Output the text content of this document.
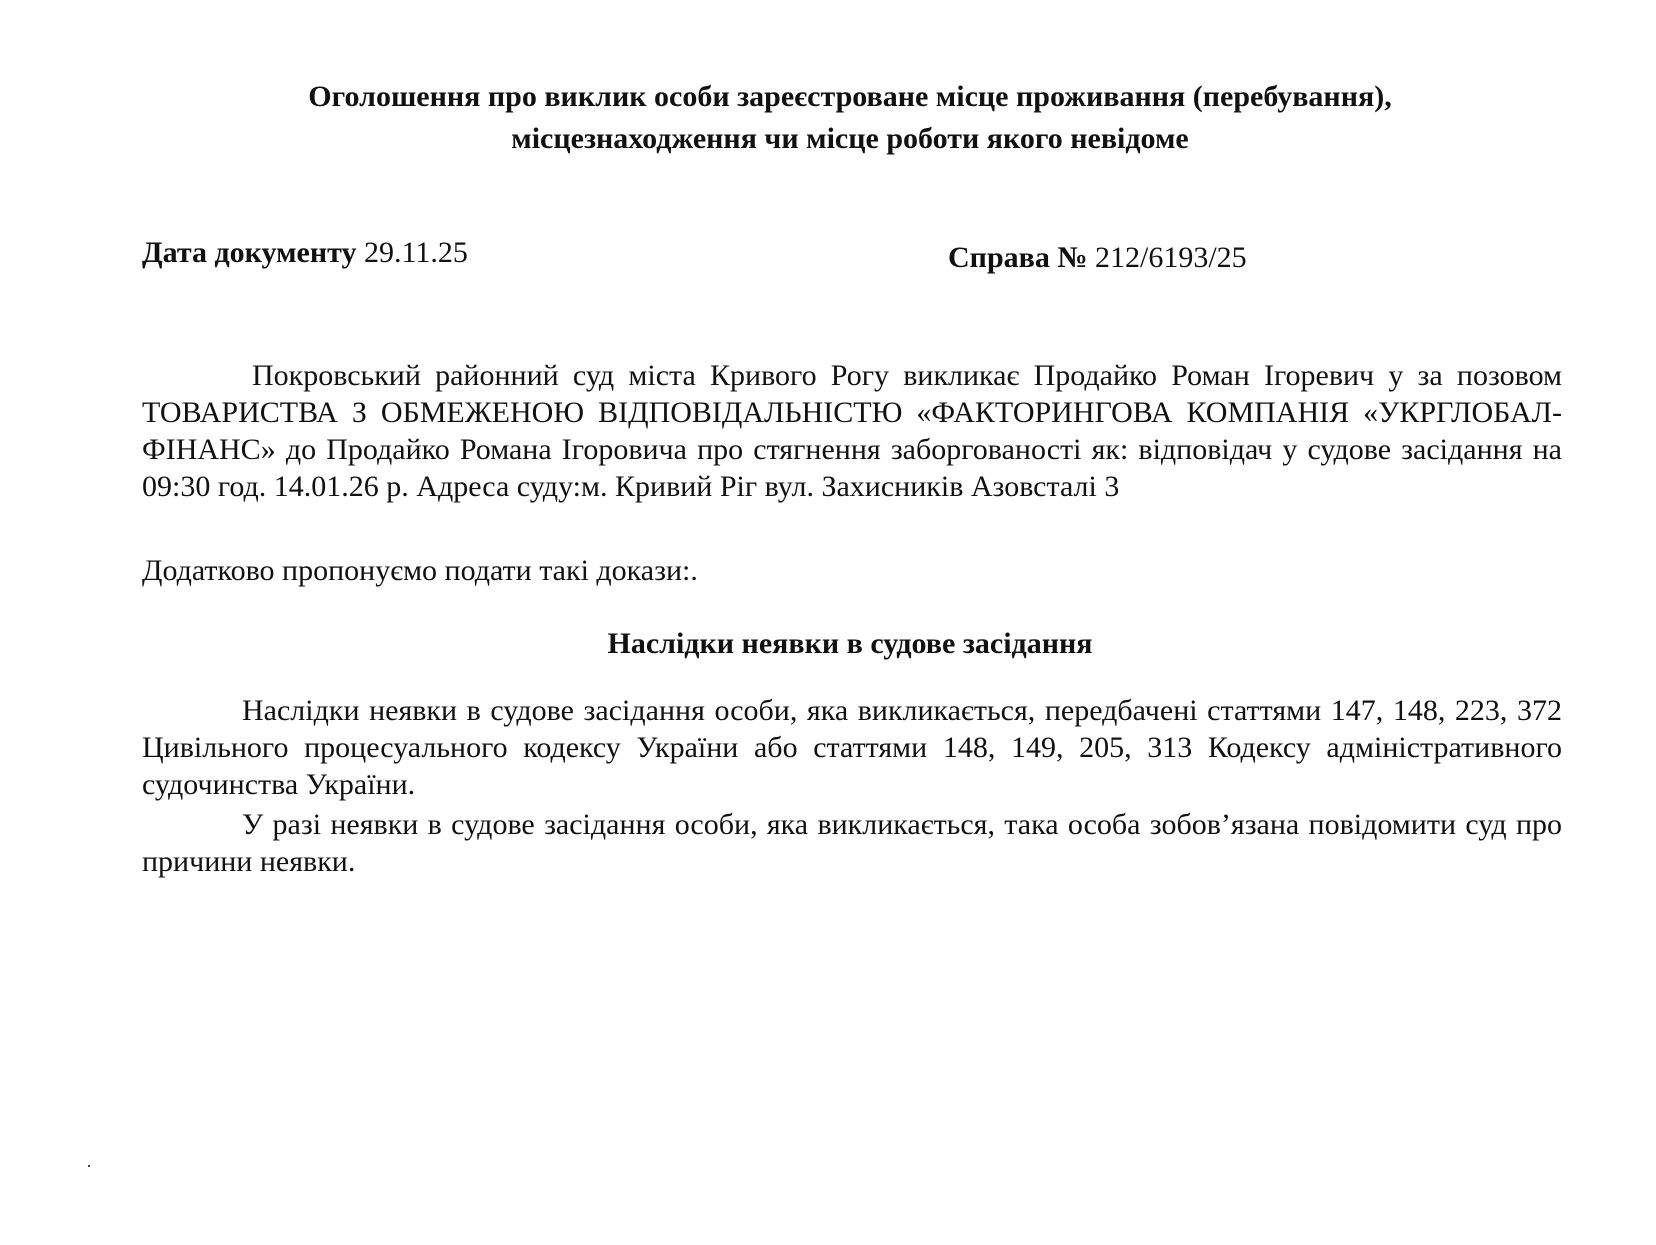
Оголошення про виклик особи зареєстроване місце проживання (перебування),
місцезнаходження чи місце роботи якого невідоме
Дата документу 29.11.25	Справа № 212/6193/25
Покровський районний суд міста Кривого Рогу викликає Продайко Роман Ігоревич у за позовом ТОВАРИСТВА З ОБМЕЖЕНОЮ ВІДПОВІДАЛЬНІСТЮ «ФАКТОРИНГОВА КОМПАНІЯ «УКРГЛОБАЛ-ФІНАНС» до Продайко Романа Ігоровича про стягнення заборгованості як: відповідач у судове засідання на 09:30 год. 14.01.26 р. Адреса суду:м. Кривий Ріг вул. Захисників Азовсталі 3
Додатково пропонуємо подати такі докази:.
Наслідки неявки в судове засідання
Наслідки неявки в судове засідання особи, яка викликається, передбачені статтями 147, 148, 223, 372 Цивільного процесуального кодексу України або статтями 148, 149, 205, 313 Кодексу адміністративного судочинства України.
У разі неявки в судове засідання особи, яка викликається, така особа зобов’язана повідомити суд про причини неявки.
